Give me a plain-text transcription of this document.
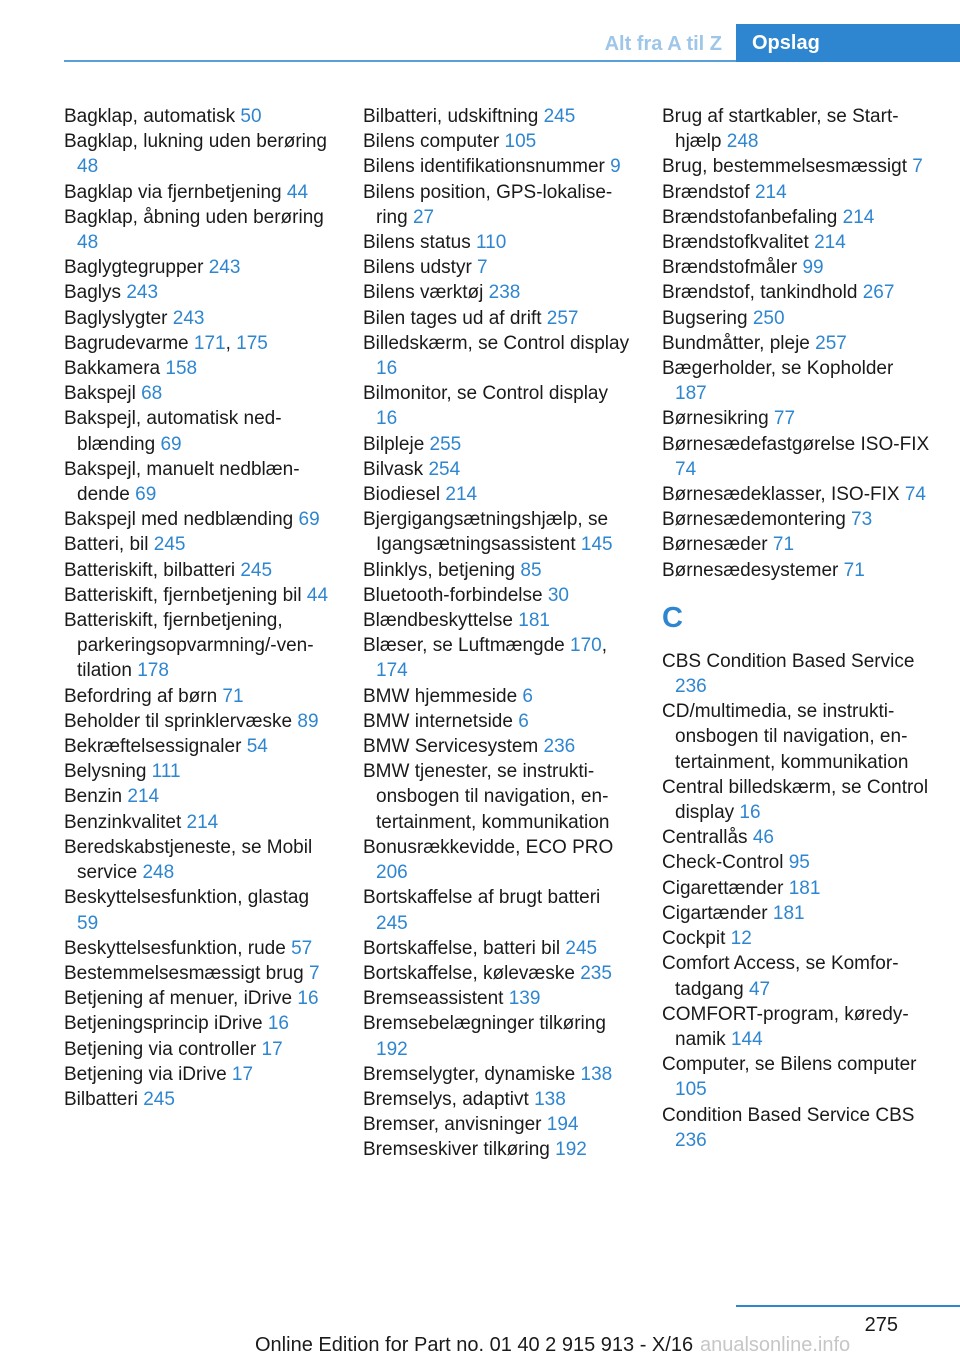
Alt fra A til Z	Opslag

Bagklap, automatisk 50

Bagklap, lukning uden berøring 48

Bagklap via fjernbetjening 44

Bagklap, åbning uden berøring 48

Baglygtegrupper 243

Baglys 243

Baglyslygter 243

Bagrudevarme 171, 175

Bakkamera 158

Bakspejl 68

Bakspejl, automatisk nedblænding 69

Bakspejl, manuelt nedblændende 69

Bakspejl med nedblænding 69

Batteri, bil 245

Batteriskift, bilbatteri 245

Batteriskift, fjernbetjening bil 44

Batteriskift, fjernbetjening, parkeringsopvarmning/-ventilation 178

Befordring af børn 71

Beholder til sprinklervæske 89

Bekræftelsessignaler 54

Belysning 111

Benzin 214

Benzinkvalitet 214

Beredskabstjeneste, se Mobil service 248

Beskyttelsesfunktion, glastag 59

Beskyttelsesfunktion, rude 57

Bestemmelsesmæssigt brug 7

Betjening af menuer, iDrive 16

Betjeningsprincip iDrive 16

Betjening via controller 17

Betjening via iDrive 17

Bilbatteri 245

Bilbatteri, udskiftning 245

Bilens computer 105

Bilens identifikationsnummer 9

Bilens position, GPS-lokalisering 27

Bilens status 110

Bilens udstyr 7

Bilens værktøj 238

Bilen tages ud af drift 257

Billedskærm, se Control display 16

Bilmonitor, se Control display 16

Bilpleje 255

Bilvask 254

Biodiesel 214

Bjergigangsætningshjælp, se Igangsætningsassistent 145

Blinklys, betjening 85

Bluetooth-forbindelse 30

Blændbeskyttelse 181

Blæser, se Luftmængde 170, 174

BMW hjemmeside 6

BMW internetside 6

BMW Servicesystem 236

BMW tjenester, se instruktionsbogen til navigation, entertainment, kommunikation

Bonusrækkevidde, ECO PRO 206

Bortskaffelse af brugt batteri 245

Bortskaffelse, batteri bil 245

Bortskaffelse, kølevæske 235

Bremseassistent 139

Bremsebelægninger tilkøring 192

Bremselygter, dynamiske 138

Bremselys, adaptivt 138

Bremser, anvisninger 194

Bremseskiver tilkøring 192

Brug af startkabler, se Starthjælp 248

Brug, bestemmelsesmæssigt 7

Brændstof 214

Brændstofanbefaling 214

Brændstofkvalitet 214

Brændstofmåler 99

Brændstof, tankindhold 267

Bugsering 250

Bundmåtter, pleje 257

Bægerholder, se Kopholder 187

Børnesikring 77

Børnesædefastgørelse ISO-FIX 74

Børnesædeklasser, ISO-FIX 74

Børnesædemontering 73

Børnesæder 71

Børnesædesystemer 71

C

CBS Condition Based Service 236

CD/multimedia, se instruktionsbogen til navigation, entertainment, kommunikation

Central billedskærm, se Control display 16

Centrallås 46

Check-Control 95

Cigarettænder 181

Cigartænder 181

Cockpit 12

Comfort Access, se Komfortadgang 47

COMFORT-program, køredynamik 144

Computer, se Bilens computer 105

Condition Based Service CBS 236

275
Online Edition for Part no. 01 40 2 915 913 - X/16 anualsonline.info
